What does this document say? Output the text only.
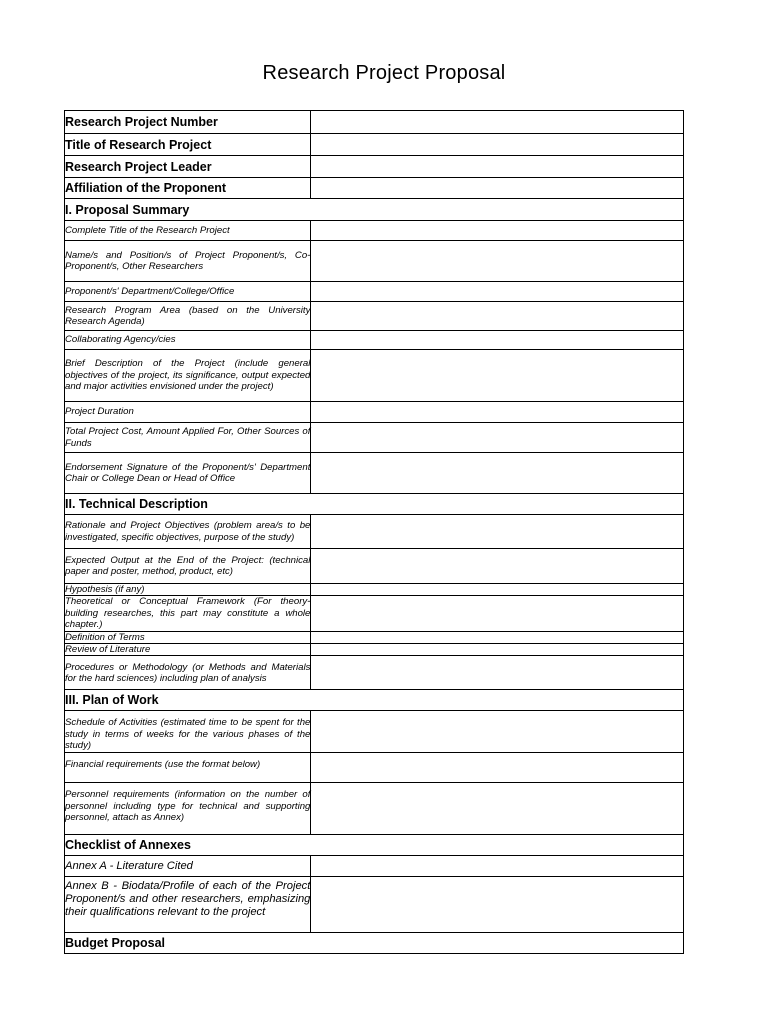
Research Project Proposal
Research Project Number	
Title of Research Project	
Research Project Leader	
Affiliation of the Proponent	
I. Proposal Summary	
Complete Title of the Research Project	
Name/s and Position/s of Project Proponent/s, Co-Proponent/s, Other Researchers	
Proponent/s' Department/College/Office	
Research Program Area (based on the University Research Agenda)	
Collaborating Agency/cies	
Brief Description of the Project (include general objectives of the project, its significance, output expected and major activities envisioned under the project)	
Project Duration	
Total Project Cost, Amount Applied For, Other Sources of Funds	
Endorsement Signature of the Proponent/s' Department Chair or College Dean or Head of Office	
II. Technical Description	
Rationale and Project Objectives (problem area/s to be investigated, specific objectives, purpose of the study)	
Expected Output at the End of the Project: (technical paper and poster, method, product, etc)	
Hypothesis (if any)	
Theoretical or Conceptual Framework (For theory-building researches, this part may constitute a whole chapter.)	
Definition of Terms	
Review of Literature	
Procedures or Methodology (or Methods and Materials for the hard sciences) including plan of analysis	
III. Plan of Work	
Schedule of Activities (estimated time to be spent for the study in terms of weeks for the various phases of the study)	
Financial requirements (use the format below)	
Personnel requirements (information on the number of personnel including type for technical and supporting personnel, attach as Annex)	
Checklist of Annexes	
Annex A - Literature Cited	
Annex B - Biodata/Profile of each of the Project Proponent/s and other researchers, emphasizing their qualifications relevant to the project	
Budget Proposal	
